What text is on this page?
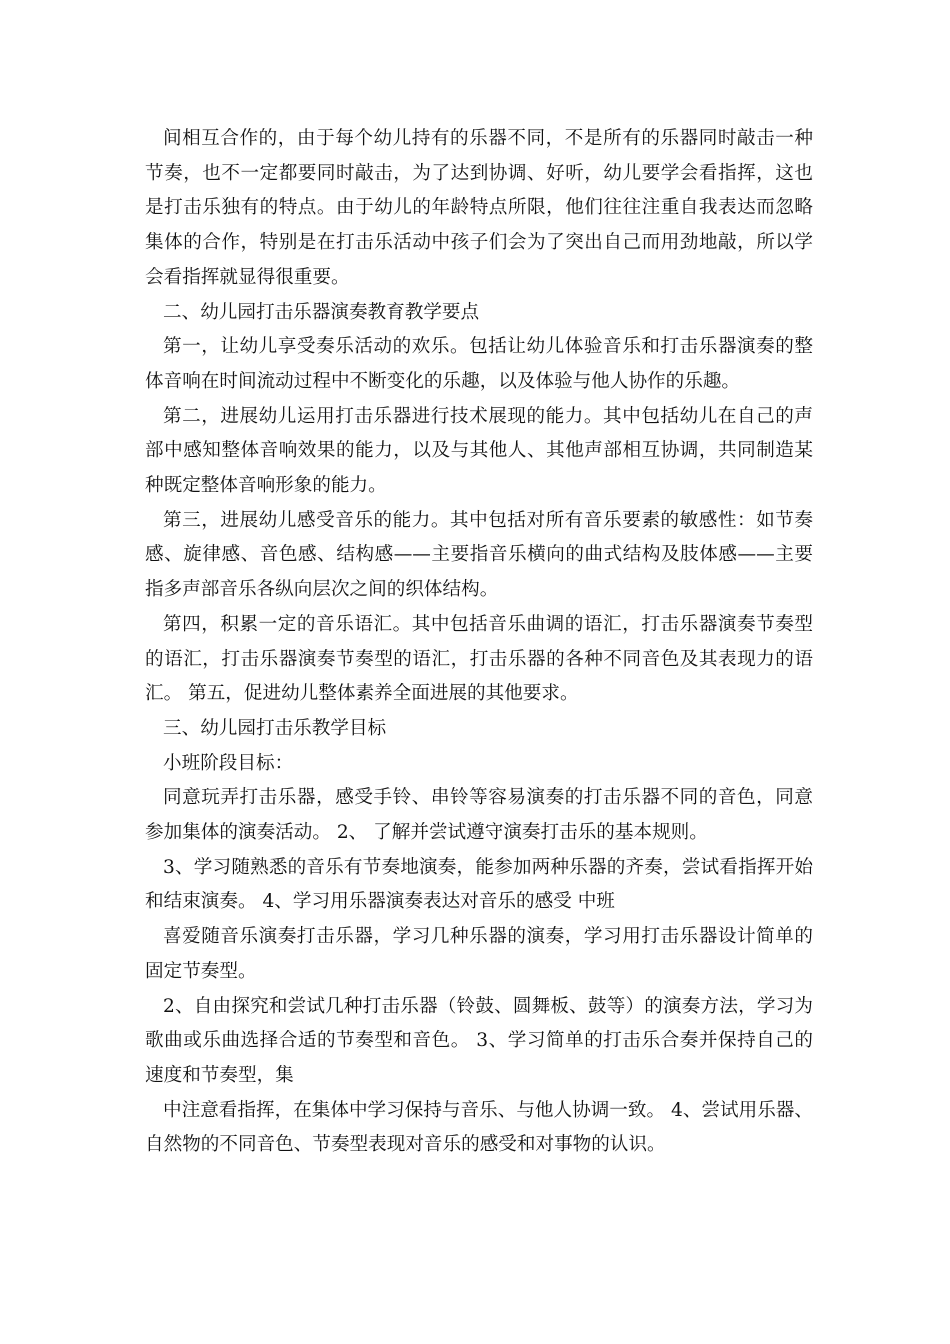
间相互合作的，由于每个幼儿持有的乐器不同，不是所有的乐器同时敲击一种节奏，也不一定都要同时敲击，为了达到协调、好听，幼儿要学会看指挥，这也是打击乐独有的特点。由于幼儿的年龄特点所限，他们往往注重自我表达而忽略集体的合作，特别是在打击乐活动中孩子们会为了突出自己而用劲地敲，所以学会看指挥就显得很重要。

二、幼儿园打击乐器演奏教育教学要点

第一，让幼儿享受奏乐活动的欢乐。包括让幼儿体验音乐和打击乐器演奏的整体音响在时间流动过程中不断变化的乐趣，以及体验与他人协作的乐趣。

第二，进展幼儿运用打击乐器进行技术展现的能力。其中包括幼儿在自己的声部中感知整体音响效果的能力，以及与其他人、其他声部相互协调，共同制造某种既定整体音响形象的能力。

第三，进展幼儿感受音乐的能力。其中包括对所有音乐要素的敏感性：如节奏感、旋律感、音色感、结构感——主要指音乐横向的曲式结构及肢体感——主要指多声部音乐各纵向层次之间的织体结构。

第四，积累一定的音乐语汇。其中包括音乐曲调的语汇，打击乐器演奏节奏型的语汇，打击乐器演奏节奏型的语汇，打击乐器的各种不同音色及其表现力的语汇。 第五，促进幼儿整体素养全面进展的其他要求。

三、幼儿园打击乐教学目标

小班阶段目标：

同意玩弄打击乐器，感受手铃、串铃等容易演奏的打击乐器不同的音色，同意参加集体的演奏活动。 2、 了解并尝试遵守演奏打击乐的基本规则。

3、学习随熟悉的音乐有节奏地演奏，能参加两种乐器的齐奏，尝试看指挥开始和结束演奏。 4、学习用乐器演奏表达对音乐的感受 中班

喜爱随音乐演奏打击乐器，学习几种乐器的演奏，学习用打击乐器设计简单的固定节奏型。

2、自由探究和尝试几种打击乐器（铃鼓、圆舞板、鼓等）的演奏方法，学习为歌曲或乐曲选择合适的节奏型和音色。 3、学习简单的打击乐合奏并保持自己的速度和节奏型，集

中注意看指挥，在集体中学习保持与音乐、与他人协调一致。 4、尝试用乐器、自然物的不同音色、节奏型表现对音乐的感受和对事物的认识。
